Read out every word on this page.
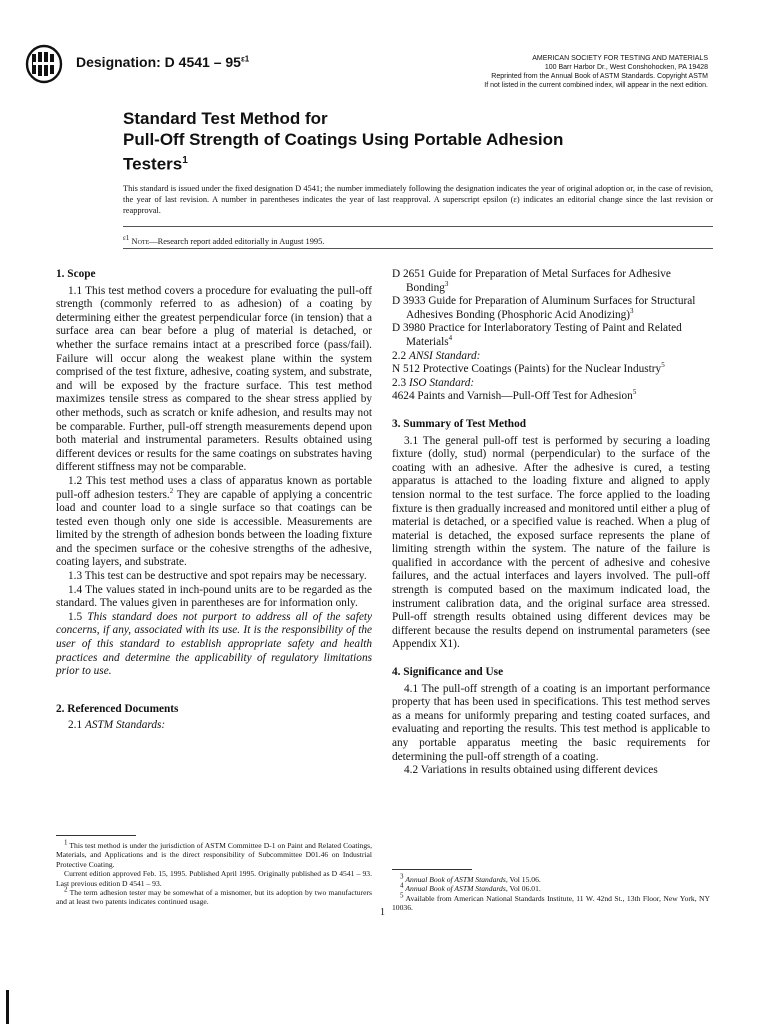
Designation: D $4541 - 95^{\varepsilon 1}$	AMERICAN SOCIETY FOR TESTING AND MATERIALS
100 Barr Harbor Dr., West Conshohocken, PA 19428
Reprinted from the Annual Book of ASTM Standards. Copyright ASTM
If not listed in the current combined index, will appear in the next edition.
Standard Test Method for
Pull-Off Strength of Coatings Using Portable Adhesion
Testers$^1$
This standard is issued under the fixed designation D 4541; the number immediately following the designation indicates the year of original adoption or, in the case of revision, the year of last revision. A number in parentheses indicates the year of last reapproval. A superscript epsilon (ε) indicates an editorial change since the last revision or reapproval.
$^{\varepsilon 1}$ Note—Research report added editorially in August 1995.

1. Scope

1.1 This test method covers a procedure for evaluating the pull-off strength (commonly referred to as adhesion) of a coating by determining either the greatest perpendicular force (in tension) that a surface area can bear before a plug of material is detached, or whether the surface remains intact at a prescribed force (pass/fail). Failure will occur along the weakest plane within the system comprised of the test fixture, adhesive, coating system, and substrate, and will be exposed by the fracture surface. This test method maximizes tensile stress as compared to the shear stress applied by other methods, such as scratch or knife adhesion, and results may not be comparable. Further, pull-off strength measurements depend upon both material and instrumental parameters. Results obtained using different devices or results for the same coatings on substrates having different stiffness may not be comparable.

1.2 This test method uses a class of apparatus known as portable pull-off adhesion testers.$^2$ They are capable of applying a concentric load and counter load to a single surface so that coatings can be tested even though only one side is accessible. Measurements are limited by the strength of adhesion bonds between the loading fixture and the specimen surface or the cohesive strengths of the adhesive, coating layers, and substrate.

1.3 This test can be destructive and spot repairs may be necessary.

1.4 The values stated in inch-pound units are to be regarded as the standard. The values given in parentheses are for information only.

1.5 This standard does not purport to address all of the safety concerns, if any, associated with its use. It is the responsibility of the user of this standard to establish appropriate safety and health practices and determine the applicability of regulatory limitations prior to use.

2. Referenced Documents

2.1 ASTM Standards:

D 2651 Guide for Preparation of Metal Surfaces for Adhesive Bonding$^3$
D 3933 Guide for Preparation of Aluminum Surfaces for Structural Adhesives Bonding (Phosphoric Acid Anodizing)$^3$
D 3980 Practice for Interlaboratory Testing of Paint and Related Materials$^4$
2.2 ANSI Standard:
N 512 Protective Coatings (Paints) for the Nuclear Industry$^5$
2.3 ISO Standard:
4624 Paints and Varnish—Pull-Off Test for Adhesion$^5$

3. Summary of Test Method

3.1 The general pull-off test is performed by securing a loading fixture (dolly, stud) normal (perpendicular) to the surface of the coating with an adhesive. After the adhesive is cured, a testing apparatus is attached to the loading fixture and aligned to apply tension normal to the test surface. The force applied to the loading fixture is then gradually increased and monitored until either a plug of material is detached, or a specified value is reached. When a plug of material is detached, the exposed surface represents the plane of limiting strength within the system. The nature of the failure is qualified in accordance with the percent of adhesive and cohesive failures, and the actual interfaces and layers involved. The pull-off strength is computed based on the maximum indicated load, the instrument calibration data, and the original surface area stressed. Pull-off strength results obtained using different devices may be different because the results depend on instrumental parameters (see Appendix X1).

4. Significance and Use

4.1 The pull-off strength of a coating is an important performance property that has been used in specifications. This test method serves as a means for uniformly preparing and testing coated surfaces, and evaluating and reporting the results. This test method is applicable to any portable apparatus meeting the basic requirements for determining the pull-off strength of a coating.

4.2 Variations in results obtained using different devices

$^1$ This test method is under the jurisdiction of ASTM Committee D-1 on Paint and Related Coatings, Materials, and Applications and is the direct responsibility of Subcommittee D01.46 on Industrial Protective Coating.

Current edition approved Feb. 15, 1995. Published April 1995. Originally published as D 4541 – 93. Last previous edition D 4541 – 93.

$^2$ The term adhesion tester may be somewhat of a misnomer, but its adoption by two manufacturers and at least two patents indicates continued usage.

$^3$ Annual Book of ASTM Standards, Vol 15.06.

$^4$ Annual Book of ASTM Standards, Vol 06.01.

$^5$ Available from American National Standards Institute, 11 W. 42nd St., 13th Floor, New York, NY 10036.

1
